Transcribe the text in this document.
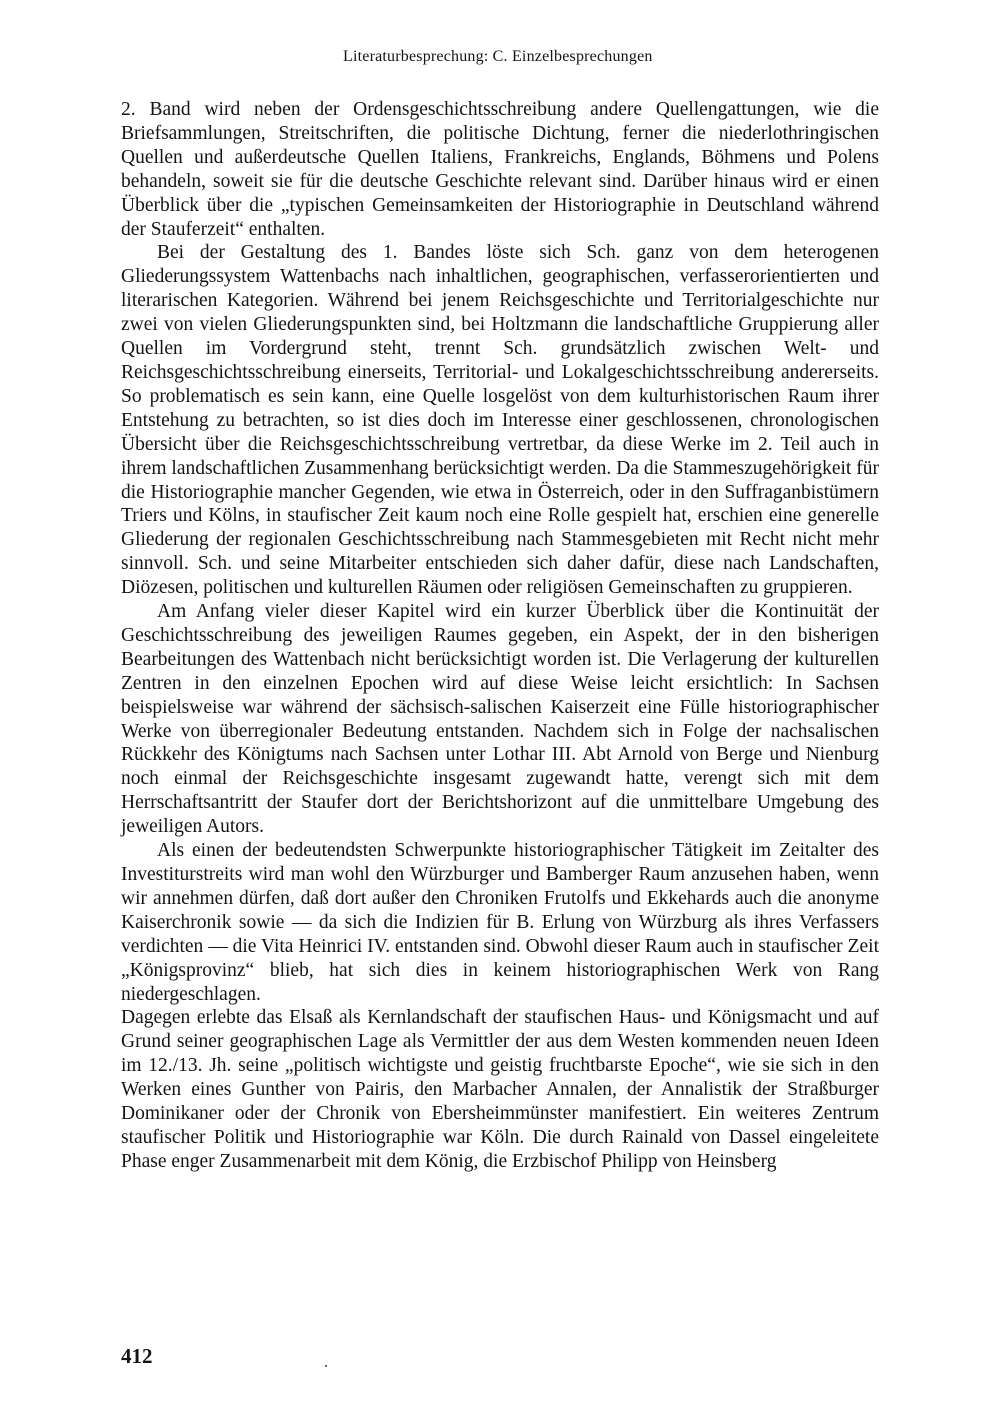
Literaturbesprechung: C. Einzelbesprechungen

2. Band wird neben der Ordensgeschichtsschreibung andere Quellengattungen, wie die Briefsammlungen, Streitschriften, die politische Dichtung, ferner die niederlothringischen Quellen und außerdeutsche Quellen Italiens, Frankreichs, Englands, Böhmens und Polens behandeln, soweit sie für die deutsche Geschichte relevant sind. Darüber hinaus wird er einen Überblick über die „typischen Gemeinsamkeiten der Historiographie in Deutschland während der Stauferzeit“ enthalten.

Bei der Gestaltung des 1. Bandes löste sich Sch. ganz von dem heterogenen Gliederungssystem Wattenbachs nach inhaltlichen, geographischen, verfasserorientierten und literarischen Kategorien. Während bei jenem Reichsgeschichte und Territorialgeschichte nur zwei von vielen Gliederungspunkten sind, bei Holtzmann die landschaftliche Gruppierung aller Quellen im Vordergrund steht, trennt Sch. grundsätzlich zwischen Welt- und Reichsgeschichtsschreibung einerseits, Territorial- und Lokalgeschichtsschreibung andererseits. So problematisch es sein kann, eine Quelle losgelöst von dem kulturhistorischen Raum ihrer Entstehung zu betrachten, so ist dies doch im Interesse einer geschlossenen, chronologischen Übersicht über die Reichsgeschichtsschreibung vertretbar, da diese Werke im 2. Teil auch in ihrem landschaftlichen Zusammenhang berücksichtigt werden. Da die Stammeszugehörigkeit für die Historiographie mancher Gegenden, wie etwa in Österreich, oder in den Suffraganbistümern Triers und Kölns, in staufischer Zeit kaum noch eine Rolle gespielt hat, erschien eine generelle Gliederung der regionalen Geschichtsschreibung nach Stammesgebieten mit Recht nicht mehr sinnvoll. Sch. und seine Mitarbeiter entschieden sich daher dafür, diese nach Landschaften, Diözesen, politischen und kulturellen Räumen oder religiösen Gemeinschaften zu gruppieren.

Am Anfang vieler dieser Kapitel wird ein kurzer Überblick über die Kontinuität der Geschichtsschreibung des jeweiligen Raumes gegeben, ein Aspekt, der in den bisherigen Bearbeitungen des Wattenbach nicht berücksichtigt worden ist. Die Verlagerung der kulturellen Zentren in den einzelnen Epochen wird auf diese Weise leicht ersichtlich: In Sachsen beispielsweise war während der sächsisch-salischen Kaiserzeit eine Fülle historiographischer Werke von überregionaler Bedeutung entstanden. Nachdem sich in Folge der nachsalischen Rückkehr des Königtums nach Sachsen unter Lothar III. Abt Arnold von Berge und Nienburg noch einmal der Reichsgeschichte insgesamt zugewandt hatte, verengt sich mit dem Herrschaftsantritt der Staufer dort der Berichtshorizont auf die unmittelbare Umgebung des jeweiligen Autors.

Als einen der bedeutendsten Schwerpunkte historiographischer Tätigkeit im Zeitalter des Investiturstreits wird man wohl den Würzburger und Bamberger Raum anzusehen haben, wenn wir annehmen dürfen, daß dort außer den Chroniken Frutolfs und Ekkehards auch die anonyme Kaiserchronik sowie — da sich die Indizien für B. Erlung von Würzburg als ihres Verfassers verdichten — die Vita Heinrici IV. entstanden sind. Obwohl dieser Raum auch in staufischer Zeit „Königsprovinz“ blieb, hat sich dies in keinem historiographischen Werk von Rang niedergeschlagen.

Dagegen erlebte das Elsaß als Kernlandschaft der staufischen Haus- und Königsmacht und auf Grund seiner geographischen Lage als Vermittler der aus dem Westen kommenden neuen Ideen im 12./13. Jh. seine „politisch wichtigste und geistig fruchtbarste Epoche“, wie sie sich in den Werken eines Gunther von Pairis, den Marbacher Annalen, der Annalistik der Straßburger Dominikaner oder der Chronik von Ebersheimmünster manifestiert. Ein weiteres Zentrum staufischer Politik und Historiographie war Köln. Die durch Rainald von Dassel eingeleitete Phase enger Zusammenarbeit mit dem König, die Erzbischof Philipp von Heinsberg

412
